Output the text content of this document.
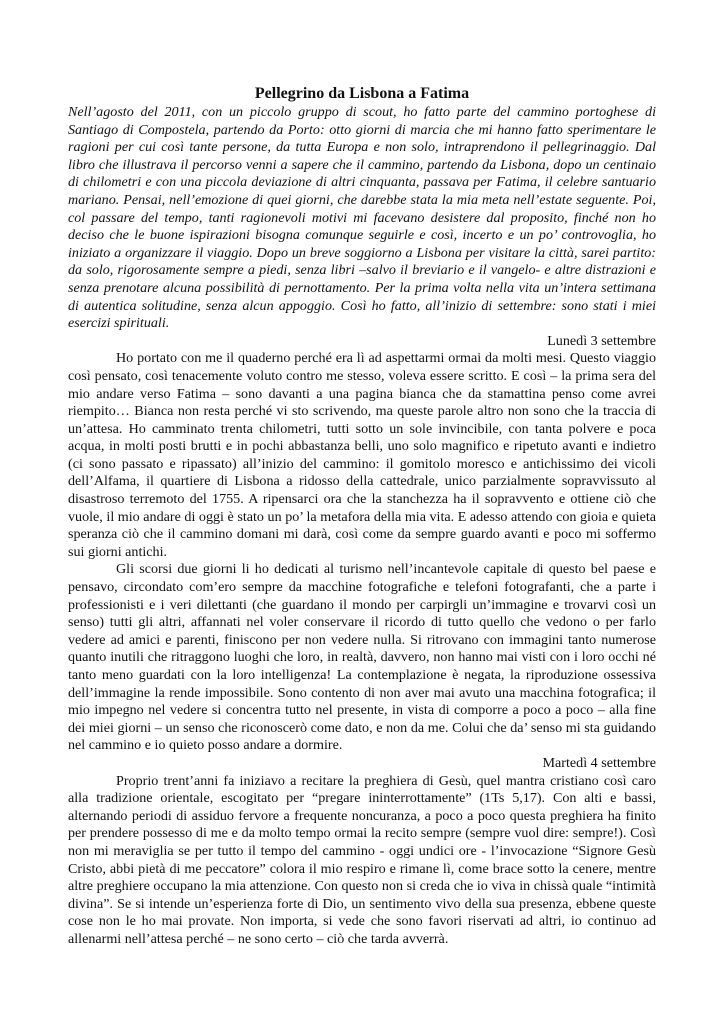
Pellegrino da Lisbona a Fatima

Nell’agosto del 2011, con un piccolo gruppo di scout, ho fatto parte del cammino portoghese di Santiago di Compostela, partendo da Porto: otto giorni di marcia che mi hanno fatto sperimentare le ragioni per cui così tante persone, da tutta Europa e non solo, intraprendono il pellegrinaggio. Dal libro che illustrava il percorso venni a sapere che il cammino, partendo da Lisbona, dopo un centinaio di chilometri e con una piccola deviazione di altri cinquanta, passava per Fatima, il celebre santuario mariano. Pensai, nell’emozione di quei giorni, che darebbe stata la mia meta nell’estate seguente. Poi, col passare del tempo, tanti ragionevoli motivi mi facevano desistere dal proposito, finché non ho deciso che le buone ispirazioni bisogna comunque seguirle e così, incerto e un po’ controvoglia, ho iniziato a organizzare il viaggio. Dopo un breve soggiorno a Lisbona per visitare la città, sarei partito: da solo, rigorosamente sempre a piedi, senza libri –salvo il breviario e il vangelo- e altre distrazioni e senza prenotare alcuna possibilità di pernottamento. Per la prima volta nella vita un’intera settimana di autentica solitudine, senza alcun appoggio. Così ho fatto, all’inizio di settembre: sono stati i miei esercizi spirituali.

Lunedì 3 settembre

Ho portato con me il quaderno perché era lì ad aspettarmi ormai da molti mesi. Questo viaggio così pensato, così tenacemente voluto contro me stesso, voleva essere scritto. E così – la prima sera del mio andare verso Fatima – sono davanti a una pagina bianca che da stamattina penso come avrei riempito… Bianca non resta perché vi sto scrivendo, ma queste parole altro non sono che la traccia di un’attesa. Ho camminato trenta chilometri, tutti sotto un sole invincibile, con tanta polvere e poca acqua, in molti posti brutti e in pochi abbastanza belli, uno solo magnifico e ripetuto avanti e indietro (ci sono passato e ripassato) all’inizio del cammino: il gomitolo moresco e antichissimo dei vicoli dell’Alfama, il quartiere di Lisbona a ridosso della cattedrale, unico parzialmente sopravvissuto al disastroso terremoto del 1755. A ripensarci ora che la stanchezza ha il sopravvento e ottiene ciò che vuole, il mio andare di oggi è stato un po’ la metafora della mia vita. E adesso attendo con gioia e quieta speranza ciò che il cammino domani mi darà, così come da sempre guardo avanti e poco mi soffermo sui giorni antichi.

Gli scorsi due giorni li ho dedicati al turismo nell’incantevole capitale di questo bel paese e pensavo, circondato com’ero sempre da macchine fotografiche e telefoni fotografanti, che a parte i professionisti e i veri dilettanti (che guardano il mondo per carpirgli un’immagine e trovarvi così un senso) tutti gli altri, affannati nel voler conservare il ricordo di tutto quello che vedono o per farlo vedere ad amici e parenti, finiscono per non vedere nulla. Si ritrovano con immagini tanto numerose quanto inutili che ritraggono luoghi che loro, in realtà, davvero, non hanno mai visti con i loro occhi né tanto meno guardati con la loro intelligenza! La contemplazione è negata, la riproduzione ossessiva dell’immagine la rende impossibile. Sono contento di non aver mai avuto una macchina fotografica; il mio impegno nel vedere si concentra tutto nel presente, in vista di comporre a poco a poco – alla fine dei miei giorni – un senso che riconoscerò come dato, e non da me. Colui che da’ senso mi sta guidando nel cammino e io quieto posso andare a dormire.

Martedì 4 settembre

Proprio trent’anni fa iniziavo a recitare la preghiera di Gesù, quel mantra cristiano così caro alla tradizione orientale, escogitato per “pregare ininterrottamente” (1Ts 5,17). Con alti e bassi, alternando periodi di assiduo fervore a frequente noncuranza, a poco a poco questa preghiera ha finito per prendere possesso di me e da molto tempo ormai la recito sempre (sempre vuol dire: sempre!). Così non mi meraviglia se per tutto il tempo del cammino - oggi undici ore - l’invocazione “Signore Gesù Cristo, abbi pietà di me peccatore” colora il mio respiro e rimane lì, come brace sotto la cenere, mentre altre preghiere occupano la mia attenzione. Con questo non si creda che io viva in chissà quale “intimità divina”. Se si intende un’esperienza forte di Dio, un sentimento vivo della sua presenza, ebbene queste cose non le ho mai provate. Non importa, si vede che sono favori riservati ad altri, io continuo ad allenarmi nell’attesa perché – ne sono certo – ciò che tarda avverrà.
